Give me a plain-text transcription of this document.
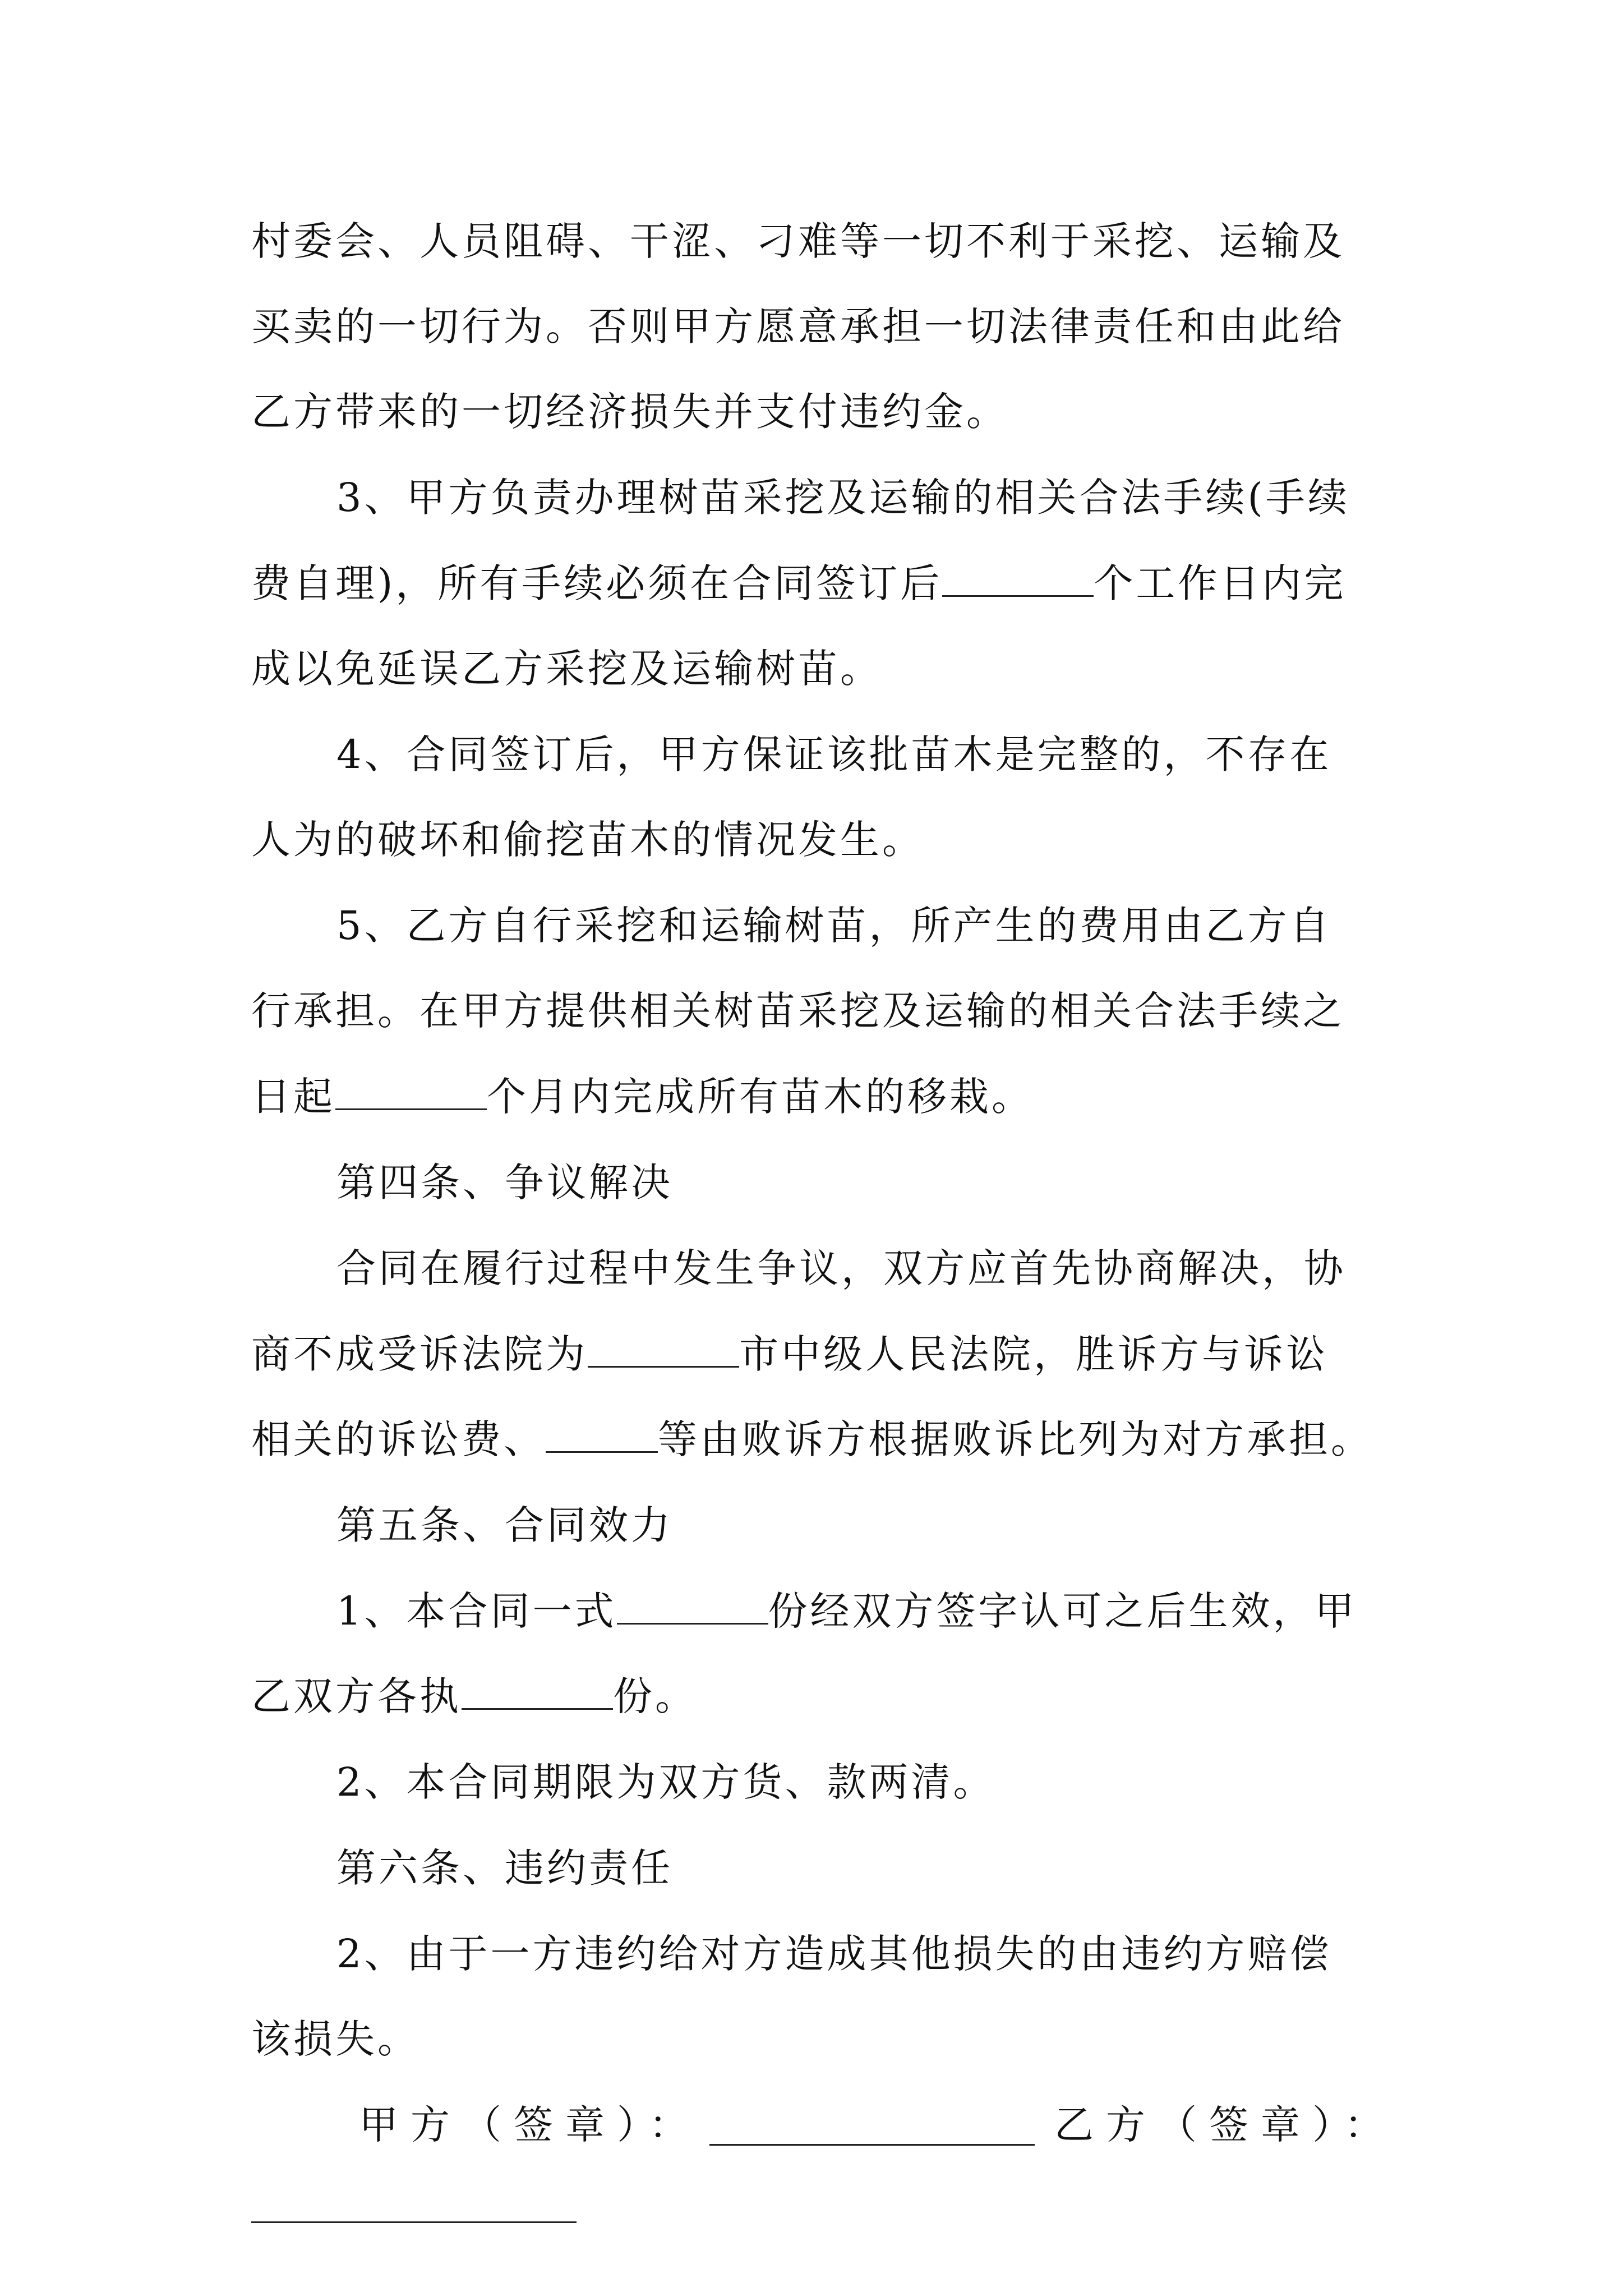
村委会、人员阻碍、干涩、刁难等一切不利于采挖、运输及
买卖的一切行为。否则甲方愿意承担一切法律责任和由此给
乙方带来的一切经济损失并支付违约金。
3、甲方负责办理树苗采挖及运输的相关合法手续(手续
费自理)，所有手续必须在合同签订后	个工作日内完
成以免延误乙方采挖及运输树苗。
4、合同签订后，甲方保证该批苗木是完整的，不存在
人为的破坏和偷挖苗木的情况发生。
5、乙方自行采挖和运输树苗，所产生的费用由乙方自
行承担。在甲方提供相关树苗采挖及运输的相关合法手续之
日起	个月内完成所有苗木的移栽。
第四条、争议解决
合同在履行过程中发生争议，双方应首先协商解决，协
商不成受诉法院为	市中级人民法院，胜诉方与诉讼
相关的诉讼费、	等由败诉方根据败诉比列为对方承担。
第五条、合同效力
1、本合同一式	份经双方签字认可之后生效，甲
乙双方各执	份。
2、本合同期限为双方货、款两清。
第六条、违约责任
2、由于一方违约给对方造成其他损失的由违约方赔偿
该损失。
甲方（签章）：	乙方（签章）：
